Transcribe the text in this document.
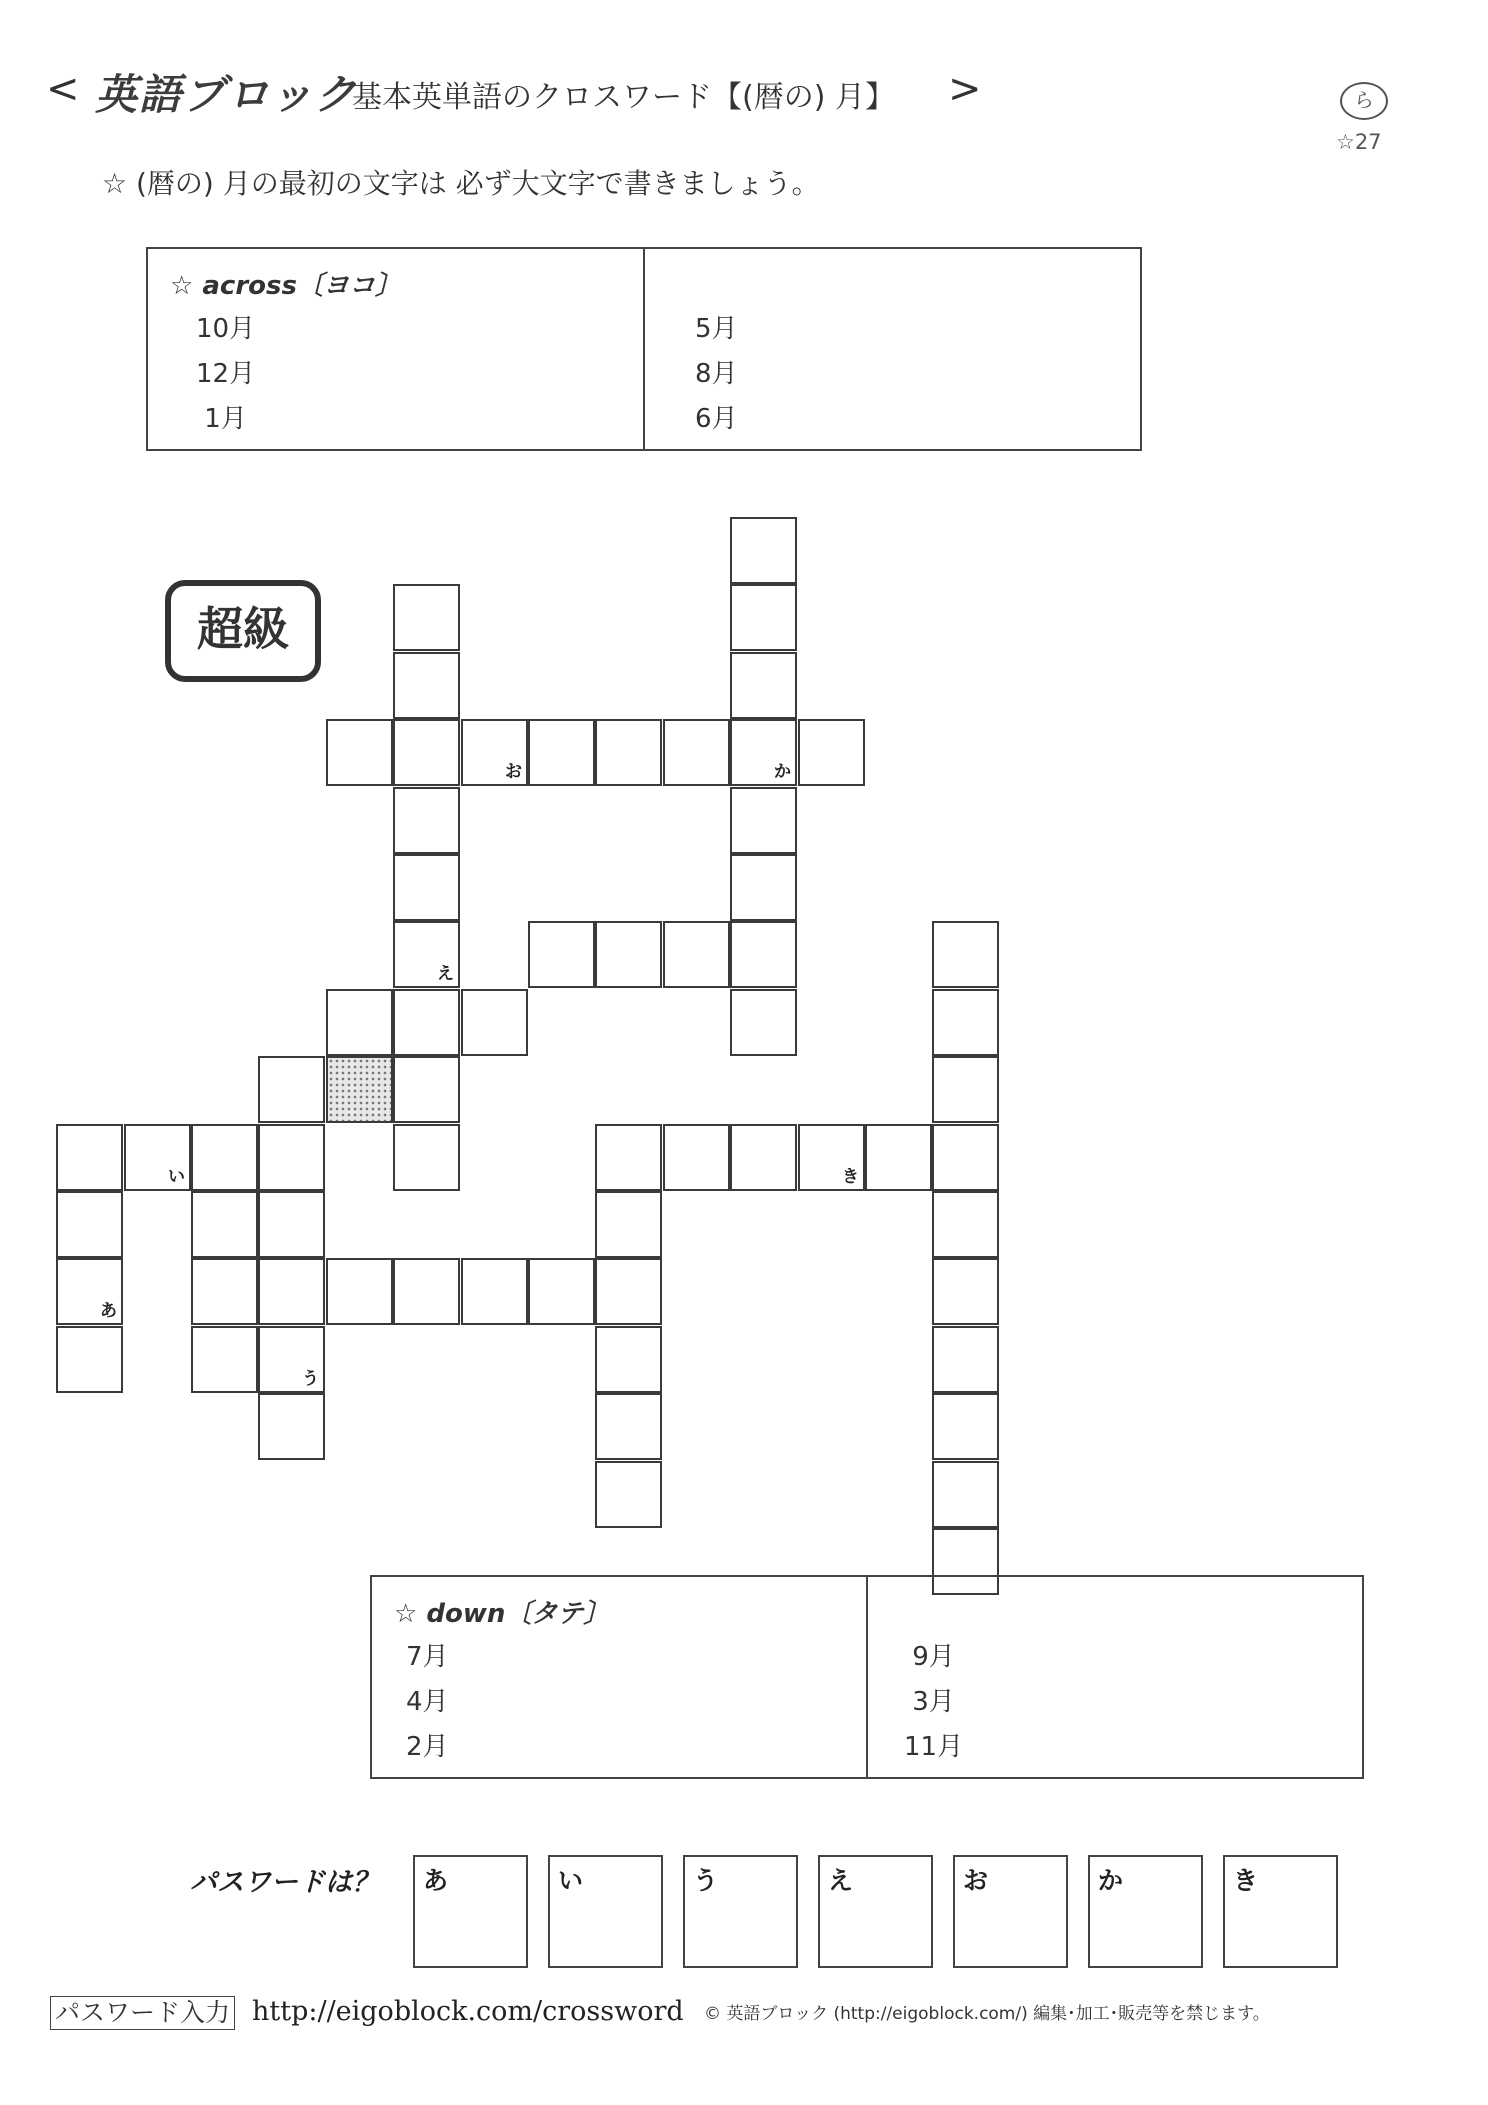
< 英語ブロック
基本英単語のクロスワード【(暦の) 月】 >	ら
☆27
☆ (暦の) 月の最初の文字は 必ず大文字で書きましょう。
☆ across〔ヨコ〕
10月
12月
1月
5月
8月
6月
超級
か
え
お
う
い
あ
き
☆ down〔タテ〕
7月
4月
2月
9月
3月
11月
パスワードは？ あ	い	う	え	お	か	き
パスワード入力 http://eigoblock.com/crossword © 英語ブロック (http://eigoblock.com/) 編集･加工･販売等を禁じます。
